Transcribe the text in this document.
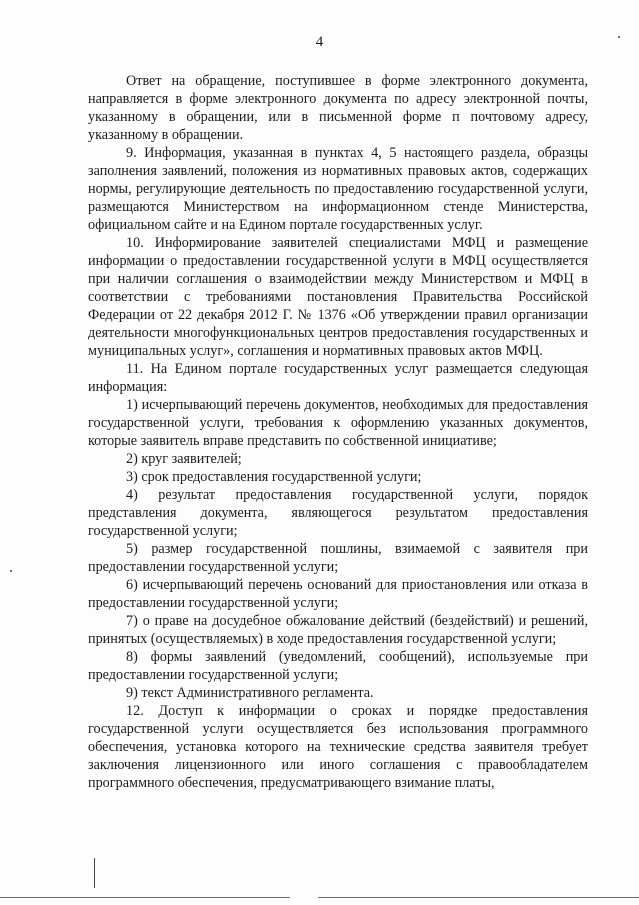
4

Ответ на обращение, поступившее в форме электронного документа, направляется в форме электронного документа по адресу электронной почты, указанному в обращении, или в письменной форме п почтовому адресу, указанному в обращении.

9. Информация, указанная в пунктах 4, 5 настоящего раздела, образцы заполнения заявлений, положения из нормативных правовых актов, содержащих нормы, регулирующие деятельность по предоставлению государственной услуги, размещаются Министерством на информационном стенде Министерства, официальном сайте и на Едином портале государственных услуг.

10. Информирование заявителей специалистами МФЦ и размещение информации о предоставлении государственной услуги в МФЦ осуществляется при наличии соглашения о взаимодействии между Министерством и МФЦ в соответствии с требованиями постановления Правительства Российской Федерации от 22 декабря 2012 Г. № 1376 «Об утверждении правил организации деятельности многофункциональных центров предоставления государственных и муниципальных услуг», соглашения и нормативных правовых актов МФЦ.

11. На Едином портале государственных услуг размещается следующая информация:

1) исчерпывающий перечень документов, необходимых для предоставления государственной услуги, требования к оформлению указанных документов, которые заявитель вправе представить по собственной инициативе;

2) круг заявителей;

3) срок предоставления государственной услуги;

4) результат предоставления государственной услуги, порядок представления документа, являющегося результатом предоставления государственной услуги;

5) размер государственной пошлины, взимаемой с заявителя при предоставлении государственной услуги;

6) исчерпывающий перечень оснований для приостановления или отказа в предоставлении государственной услуги;

7) о праве на досудебное обжалование действий (бездействий) и решений, принятых (осуществляемых) в ходе предоставления государственной услуги;

8) формы заявлений (уведомлений, сообщений), используемые при предоставлении государственной услуги;

9) текст Административного регламента.

12. Доступ к информации о сроках и порядке предоставления государственной услуги осуществляется без использования программного обеспечения, установка которого на технические средства заявителя требует заключения лицензионного или иного соглашения с правообладателем программного обеспечения, предусматривающего взимание платы,
